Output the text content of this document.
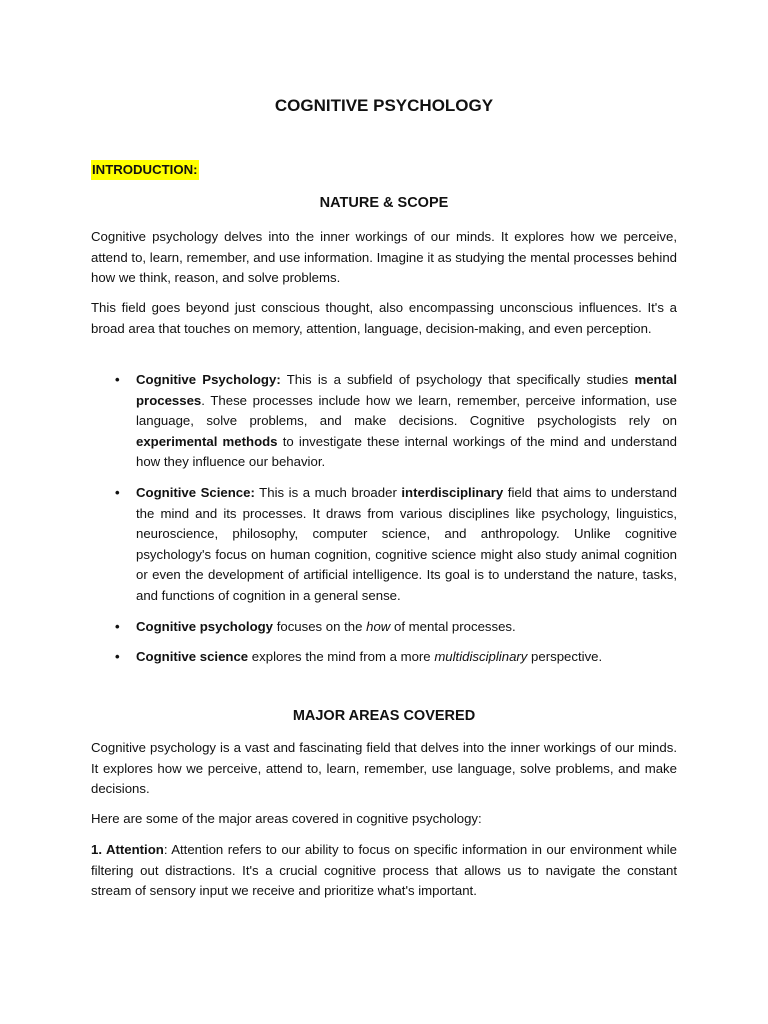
COGNITIVE PSYCHOLOGY

INTRODUCTION:

NATURE & SCOPE

Cognitive psychology delves into the inner workings of our minds. It explores how we perceive, attend to, learn, remember, and use information. Imagine it as studying the mental processes behind how we think, reason, and solve problems.

This field goes beyond just conscious thought, also encompassing unconscious influences. It's a broad area that touches on memory, attention, language, decision-making, and even perception.

• Cognitive Psychology: This is a subfield of psychology that specifically studies mental processes. These processes include how we learn, remember, perceive information, use language, solve problems, and make decisions. Cognitive psychologists rely on experimental methods to investigate these internal workings of the mind and understand how they influence our behavior.
• Cognitive Science: This is a much broader interdisciplinary field that aims to understand the mind and its processes. It draws from various disciplines like psychology, linguistics, neuroscience, philosophy, computer science, and anthropology. Unlike cognitive psychology's focus on human cognition, cognitive science might also study animal cognition or even the development of artificial intelligence. Its goal is to understand the nature, tasks, and functions of cognition in a general sense.
• Cognitive psychology focuses on the how of mental processes.
• Cognitive science explores the mind from a more multidisciplinary perspective.
MAJOR AREAS COVERED

Cognitive psychology is a vast and fascinating field that delves into the inner workings of our minds. It explores how we perceive, attend to, learn, remember, use language, solve problems, and make decisions.

Here are some of the major areas covered in cognitive psychology:

1. Attention: Attention refers to our ability to focus on specific information in our environment while filtering out distractions. It's a crucial cognitive process that allows us to navigate the constant stream of sensory input we receive and prioritize what's important.
